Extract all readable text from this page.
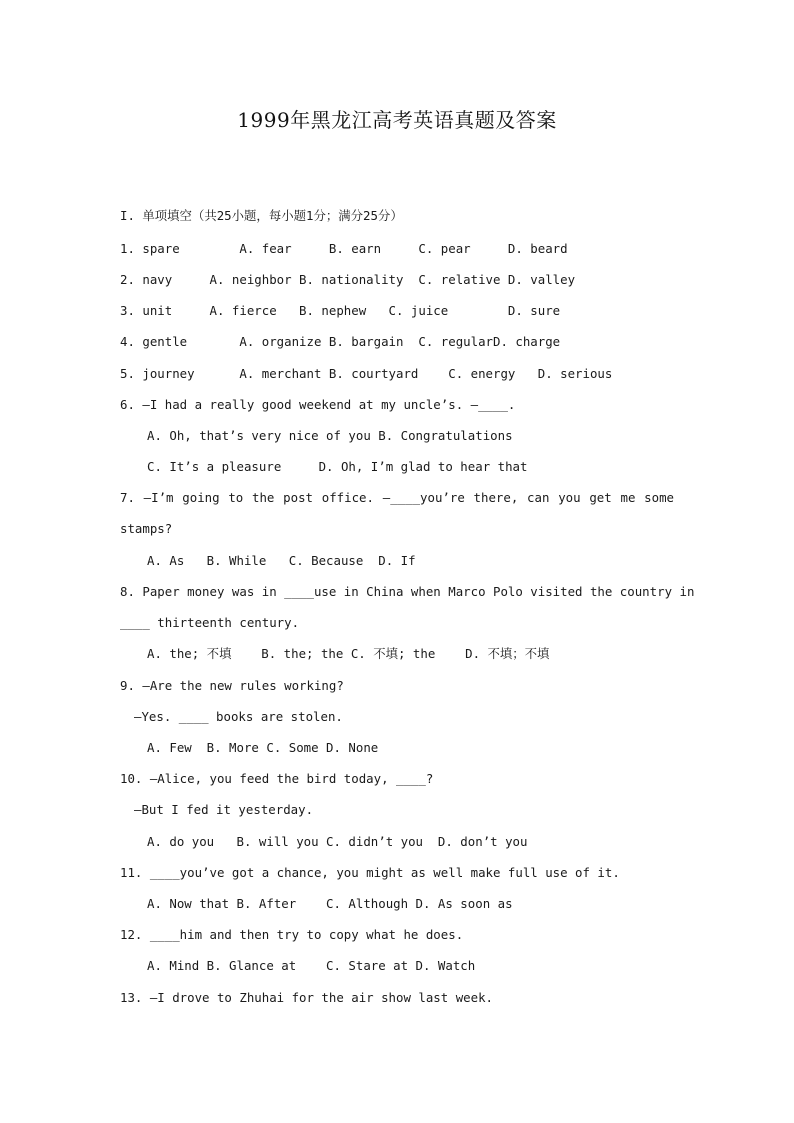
1999年黑龙江高考英语真题及答案
I. 单项填空（共25小题，每小题1分；满分25分）
1. spare        A. fear     B. earn     C. pear     D. beard
2. navy     A. neighbor B. nationality  C. relative D. valley
3. unit     A. fierce   B. nephew   C. juice        D. sure
4. gentle       A. organize B. bargain  C. regularD. charge
5. journey      A. merchant B. courtyard    C. energy   D. serious
6. —I had a really good weekend at my uncle’s. —____.
A. Oh, that’s very nice of you B. Congratulations
C. It’s a pleasure     D. Oh, I’m glad to hear that
7. —I’m going to the post office. —____you’re there, can you get me some
stamps?
A. As   B. While   C. Because  D. If
8. Paper money was in ____use in China when Marco Polo visited the country in
____ thirteenth century.
A. the; 不填    B. the; the C. 不填; the    D. 不填；不填
9. —Are the new rules working?
—Yes. ____ books are stolen.
A. Few  B. More C. Some D. None
10. —Alice, you feed the bird today, ____?
—But I fed it yesterday.
A. do you   B. will you C. didn’t you  D. don’t you
11. ____you’ve got a chance, you might as well make full use of it.
A. Now that B. After    C. Although D. As soon as
12. ____him and then try to copy what he does.
A. Mind B. Glance at    C. Stare at D. Watch
13. —I drove to Zhuhai for the air show last week.
